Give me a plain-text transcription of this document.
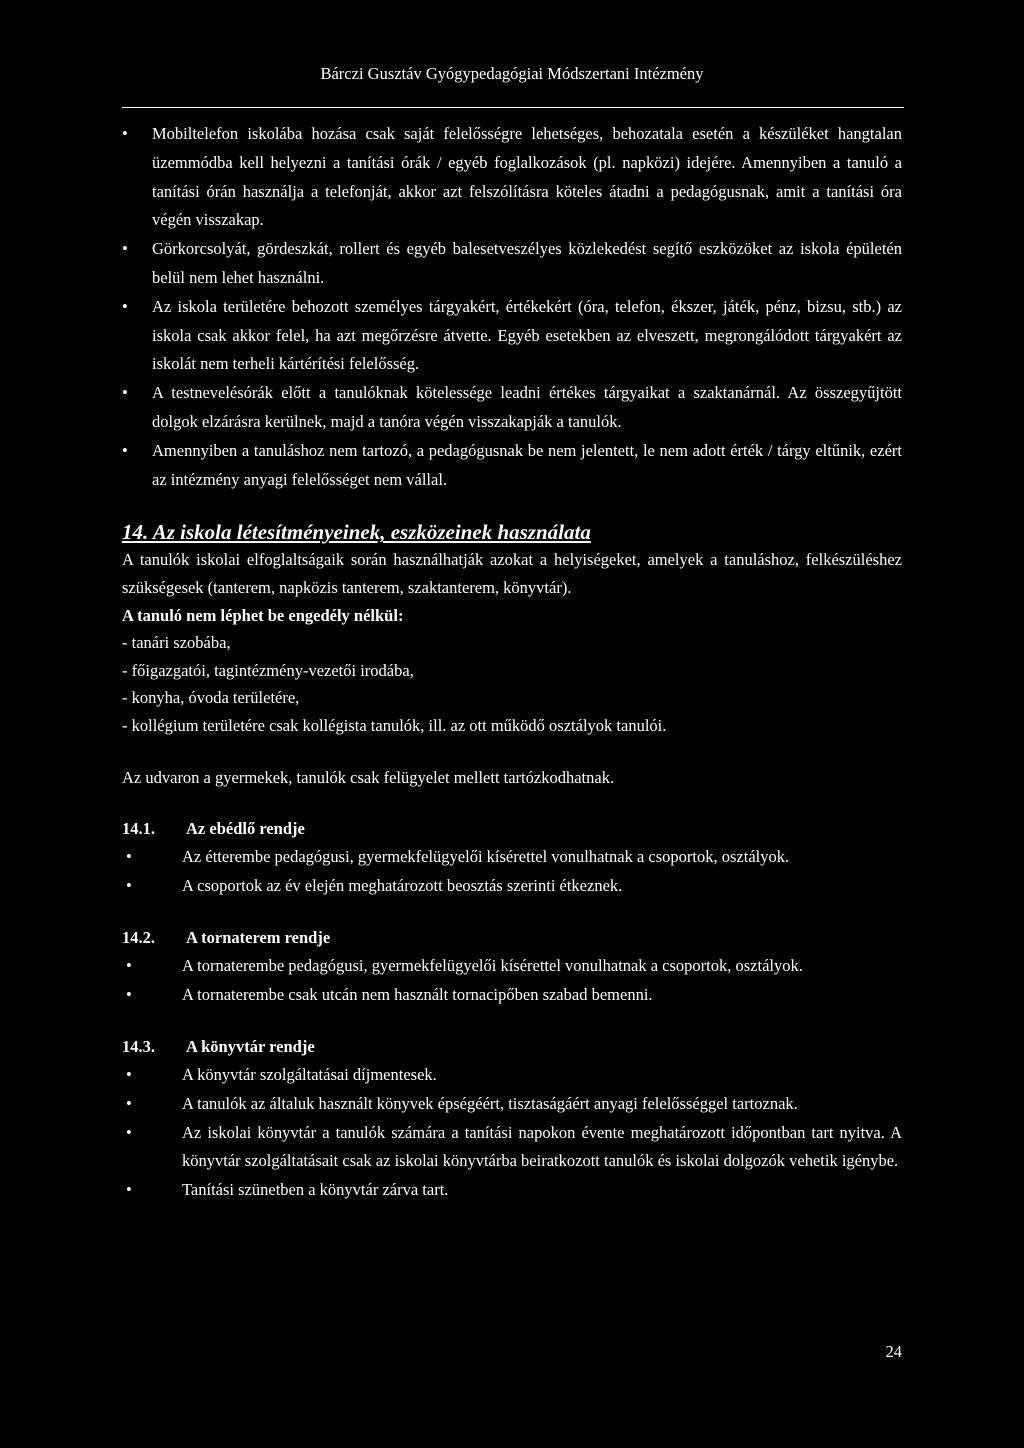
Bárczi Gusztáv Gyógypedagógiai Módszertani Intézmény
• Mobiltelefon iskolába hozása csak saját felelősségre lehetséges, behozatala esetén a készüléket hangtalan üzemmódba kell helyezni a tanítási órák / egyéb foglalkozások (pl. napközi) idejére. Amennyiben a tanuló a tanítási órán használja a telefonját, akkor azt felszólításra köteles átadni a pedagógusnak, amit a tanítási óra végén visszakap.
• Görkorcsolyát, gördeszkát, rollert és egyéb balesetveszélyes közlekedést segítő eszközöket az iskola épületén belül nem lehet használni.
• Az iskola területére behozott személyes tárgyakért, értékekért (óra, telefon, ékszer, játék, pénz, bizsu, stb.) az iskola csak akkor felel, ha azt megőrzésre átvette. Egyéb esetekben az elveszett, megrongálódott tárgyakért az iskolát nem terheli kártérítési felelősség.
• A testnevelésórák előtt a tanulóknak kötelessége leadni értékes tárgyaikat a szaktanárnál. Az összegyűjtött dolgok elzárásra kerülnek, majd a tanóra végén visszakapják a tanulók.
• Amennyiben a tanuláshoz nem tartozó, a pedagógusnak be nem jelentett, le nem adott érték / tárgy eltűnik, ezért az intézmény anyagi felelősséget nem vállal.
14. Az iskola létesítményeinek, eszközeinek használata

A tanulók iskolai elfoglaltságaik során használhatják azokat a helyiségeket, amelyek a tanuláshoz, felkészüléshez szükségesek (tanterem, napközis tanterem, szaktanterem, könyvtár).

A tanuló nem léphet be engedély nélkül:

- tanári szobába,

- főigazgatói, tagintézmény-vezetői irodába,

- konyha, óvoda területére,

- kollégium területére csak kollégista tanulók, ill. az ott működő osztályok tanulói.

Az udvaron a gyermekek, tanulók csak felügyelet mellett tartózkodhatnak.

14.1. Az ebédlő rendje

• Az étterembe pedagógusi, gyermekfelügyelői kísérettel vonulhatnak a csoportok, osztályok.
• A csoportok az év elején meghatározott beosztás szerinti étkeznek.

14.2. A tornaterem rendje

• A tornaterembe pedagógusi, gyermekfelügyelői kísérettel vonulhatnak a csoportok, osztályok.
• A tornaterembe csak utcán nem használt tornacipőben szabad bemenni.

14.3. A könyvtár rendje

• A könyvtár szolgáltatásai díjmentesek.
• A tanulók az általuk használt könyvek épségéért, tisztaságáért anyagi felelősséggel tartoznak.
• Az iskolai könyvtár a tanulók számára a tanítási napokon évente meghatározott időpontban tart nyitva. A könyvtár szolgáltatásait csak az iskolai könyvtárba beiratkozott tanulók és iskolai dolgozók vehetik igénybe.
• Tanítási szünetben a könyvtár zárva tart.
24
